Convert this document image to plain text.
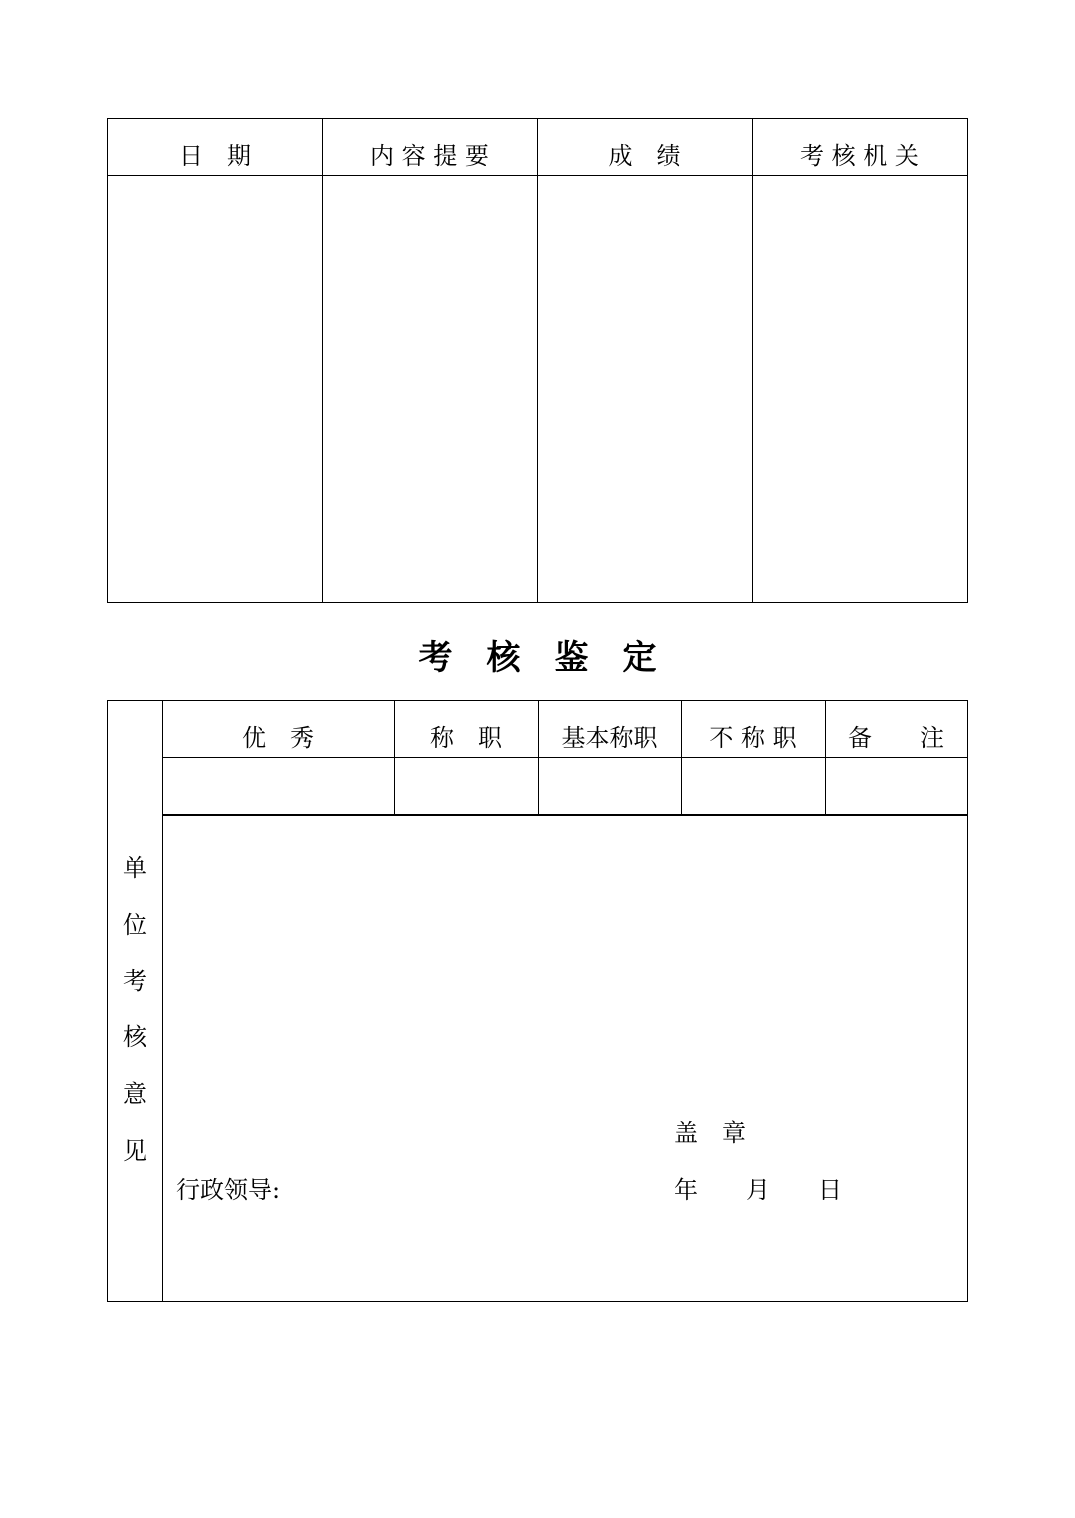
日　期	内 容 提 要	成　绩	考 核 机 关
考　核　鉴　定
优　秀	称　职	基本称职	不 称 职	备　　注
单
位
考
核
意
见
盖　章
行政领导:	年　　月　　日
